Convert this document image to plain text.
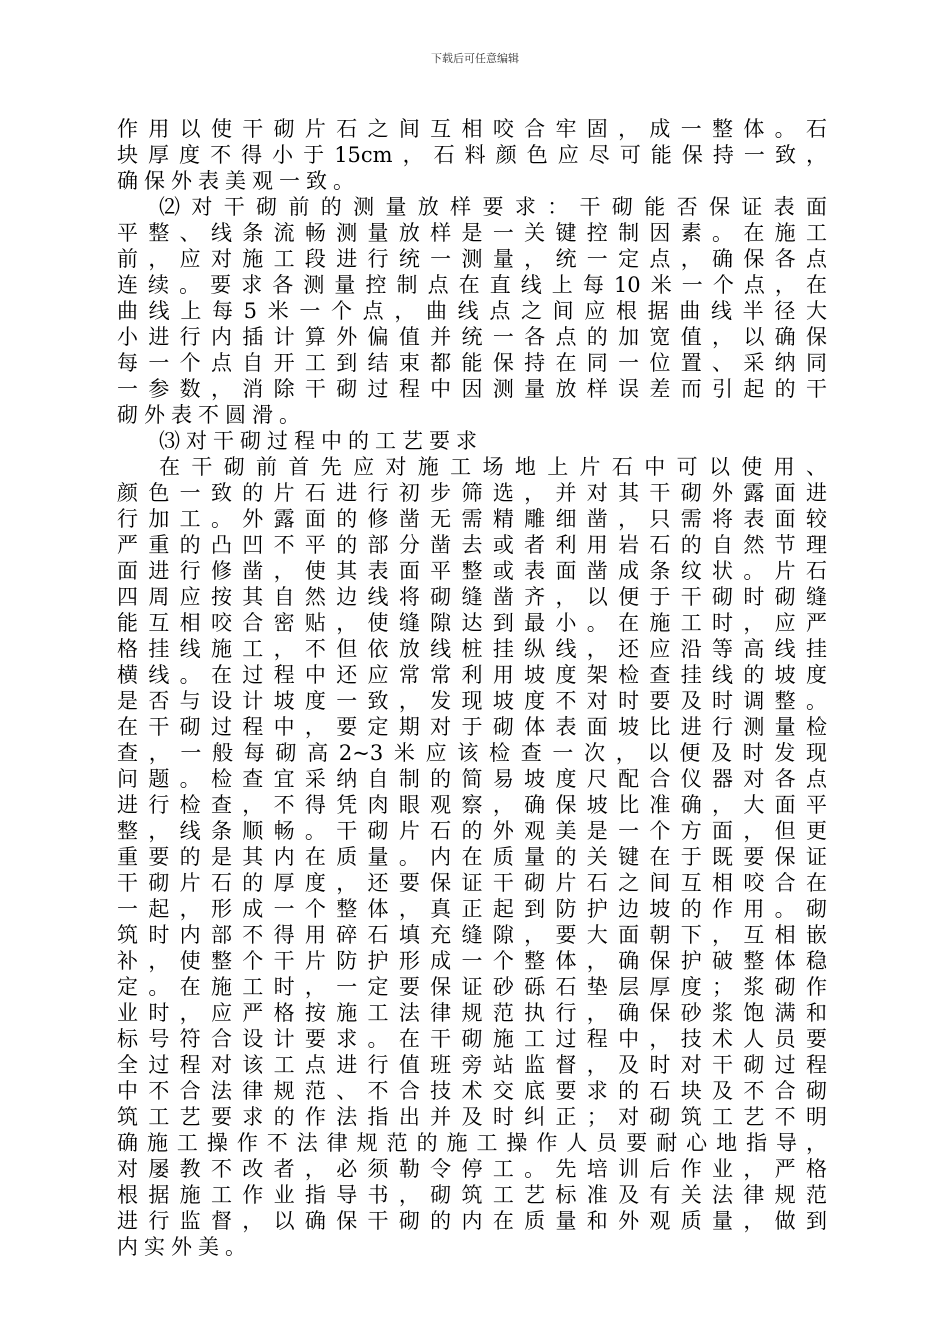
下载后可任意编辑
作用以使干砌片石之间互相咬合牢固，成一整体。石
块厚度不得小于15cm，石料颜色应尽可能保持一致，
确保外表美观一致。
⑵对干砌前的测量放样要求：干砌能否保证表面
平整、线条流畅测量放样是一关键控制因素。在施工
前，应对施工段进行统一测量，统一定点，确保各点
连续。要求各测量控制点在直线上每10米一个点，在
曲线上每5米一个点，曲线点之间应根据曲线半径大
小进行内插计算外偏值并统一各点的加宽值，以确保
每一个点自开工到结束都能保持在同一位置、采纳同
一参数，消除干砌过程中因测量放样误差而引起的干
砌外表不圆滑。
⑶对干砌过程中的工艺要求
在干砌前首先应对施工场地上片石中可以使用、
颜色一致的片石进行初步筛选，并对其干砌外露面进
行加工。外露面的修凿无需精雕细凿，只需将表面较
严重的凸凹不平的部分凿去或者利用岩石的自然节理
面进行修凿，使其表面平整或表面凿成条纹状。片石
四周应按其自然边线将砌缝凿齐，以便于干砌时砌缝
能互相咬合密贴，使缝隙达到最小。在施工时，应严
格挂线施工，不但依放线桩挂纵线，还应沿等高线挂
横线。在过程中还应常常利用坡度架检查挂线的坡度
是否与设计坡度一致，发现坡度不对时要及时调整。
在干砌过程中，要定期对于砌体表面坡比进行测量检
查，一般每砌高2~3米应该检查一次，以便及时发现
问题。检查宜采纳自制的简易坡度尺配合仪器对各点
进行检查，不得凭肉眼观察，确保坡比准确，大面平
整，线条顺畅。干砌片石的外观美是一个方面，但更
重要的是其内在质量。内在质量的关键在于既要保证
干砌片石的厚度，还要保证干砌片石之间互相咬合在
一起，形成一个整体，真正起到防护边坡的作用。砌
筑时内部不得用碎石填充缝隙，要大面朝下，互相嵌
补，使整个干片防护形成一个整体，确保护破整体稳
定。在施工时，一定要保证砂砾石垫层厚度；浆砌作
业时，应严格按施工法律规范执行，确保砂浆饱满和
标号符合设计要求。在干砌施工过程中，技术人员要
全过程对该工点进行值班旁站监督，及时对干砌过程
中不合法律规范、不合技术交底要求的石块及不合砌
筑工艺要求的作法指出并及时纠正；对砌筑工艺不明
确施工操作不法律规范的施工操作人员要耐心地指导，
对屡教不改者，必须勒令停工。先培训后作业，严格
根据施工作业指导书，砌筑工艺标准及有关法律规范
进行监督，以确保干砌的内在质量和外观质量，做到
内实外美。
